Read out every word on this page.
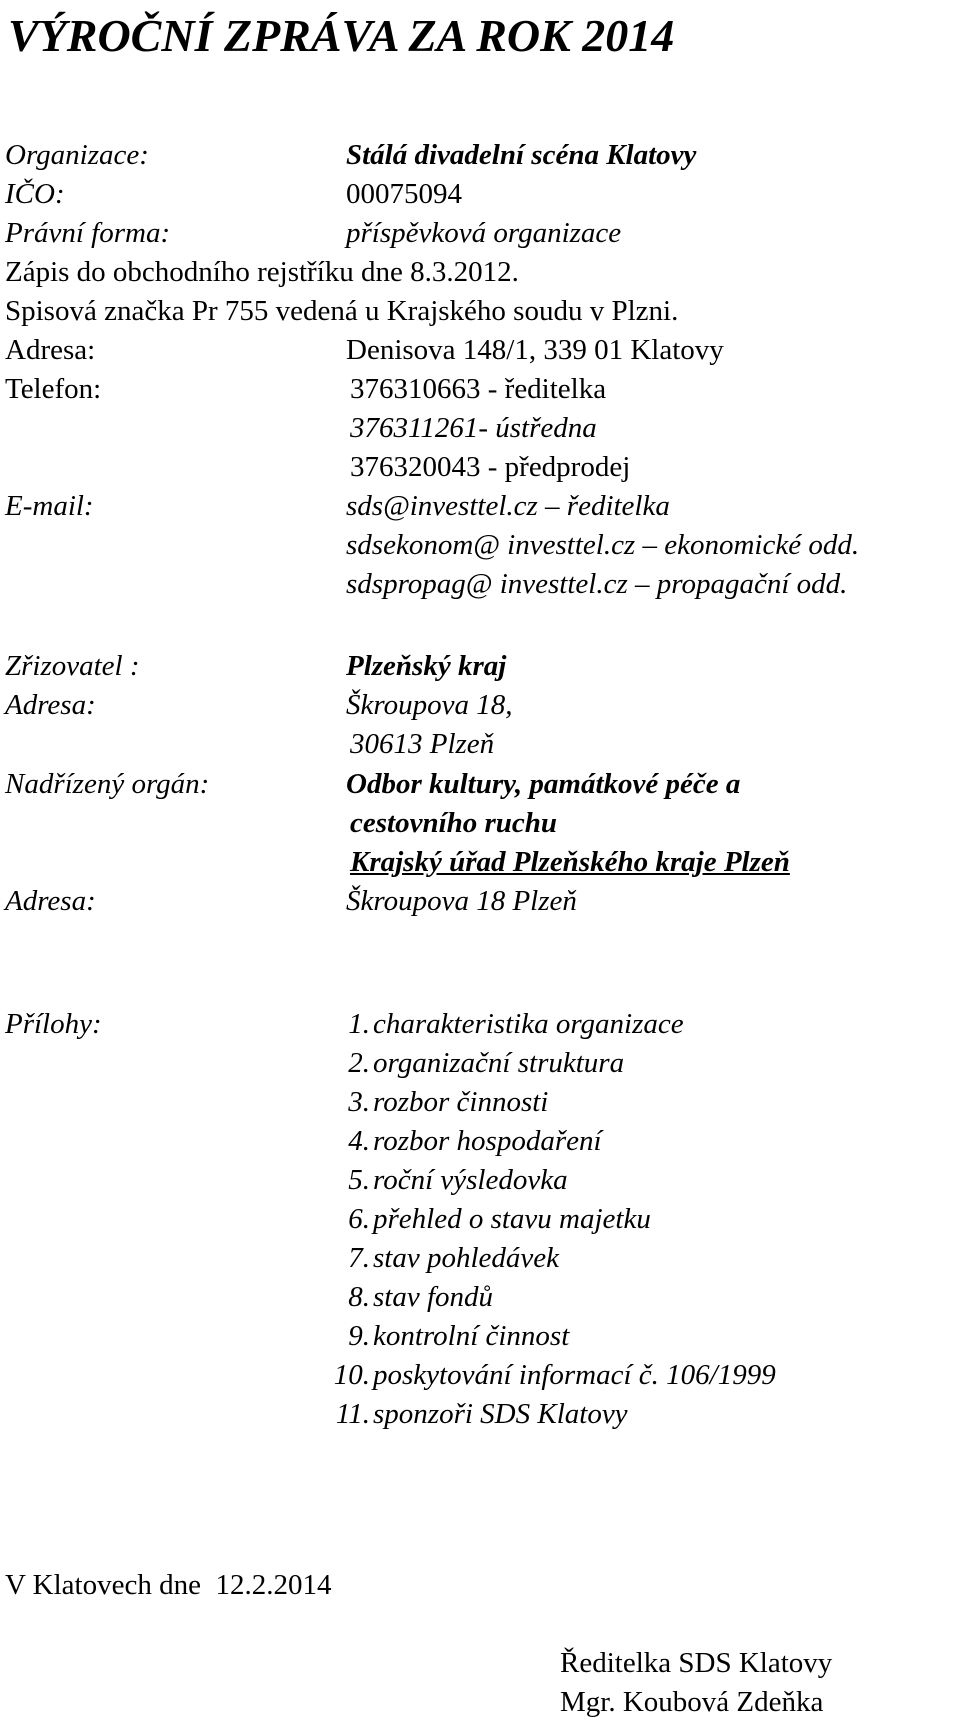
VÝROČNÍ ZPRÁVA ZA ROK 2014
Organizace:	Stálá divadelní scéna Klatovy
IČO:	00075094
Právní forma:	příspěvková organizace
Zápis do obchodního rejstříku dne 8.3.2012.
Spisová značka Pr 755 vedená u Krajského soudu v Plzni.
Adresa:	Denisova 148/1, 339 01 Klatovy
Telefon:	376310663 - ředitelka
376311261- ústředna
376320043 - předprodej
E-mail:	sds@investtel.cz – ředitelka
sdsekonom@ investtel.cz – ekonomické odd.
sdspropag@ investtel.cz – propagační odd.
Zřizovatel :	Plzeňský kraj
Adresa:	Škroupova 18,
30613 Plzeň
Nadřízený orgán:	Odbor kultury, památkové péče a
cestovního ruchu
Krajský úřad Plzeňského kraje Plzeň
Adresa:	Škroupova 18 Plzeň
Přílohy:	1. charakteristika organizace
2. organizační struktura
3. rozbor činnosti
4. rozbor hospodaření
5. roční výsledovka
6. přehled o stavu majetku
7. stav pohledávek
8. stav fondů
9. kontrolní činnost
10. poskytování informací č. 106/1999
11. sponzoři SDS Klatovy
V Klatovech dne  12.2.2014
Ředitelka SDS Klatovy
Mgr. Koubová Zdeňka
